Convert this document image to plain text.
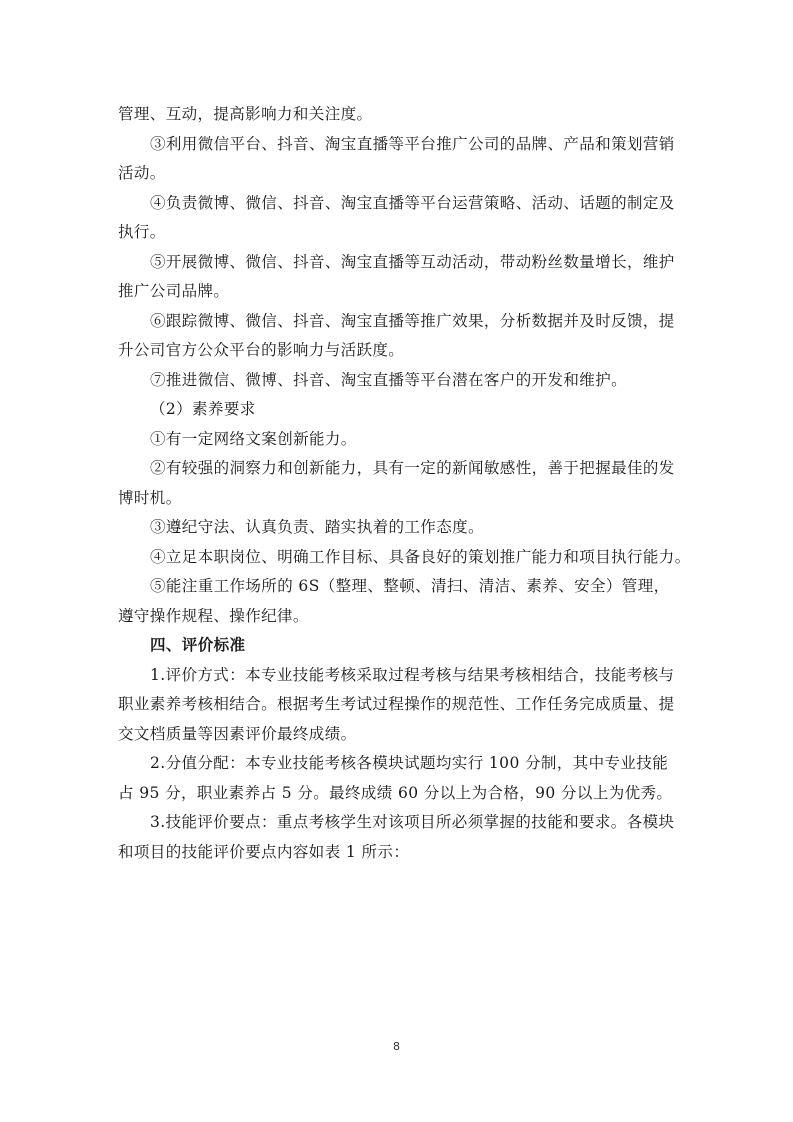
管理、互动，提高影响力和关注度。
③利用微信平台、抖音、淘宝直播等平台推广公司的品牌、产品和策划营销
活动。
④负责微博、微信、抖音、淘宝直播等平台运营策略、活动、话题的制定及
执行。
⑤开展微博、微信、抖音、淘宝直播等互动活动，带动粉丝数量增长，维护
推广公司品牌。
⑥跟踪微博、微信、抖音、淘宝直播等推广效果，分析数据并及时反馈，提
升公司官方公众平台的影响力与活跃度。
⑦推进微信、微博、抖音、淘宝直播等平台潜在客户的开发和维护。
（2）素养要求
①有一定网络文案创新能力。
②有较强的洞察力和创新能力，具有一定的新闻敏感性，善于把握最佳的发
博时机。
③遵纪守法、认真负责、踏实执着的工作态度。
④立足本职岗位、明确工作目标、具备良好的策划推广能力和项目执行能力。
⑤能注重工作场所的 6S（整理、整顿、清扫、清洁、素养、安全）管理，
遵守操作规程、操作纪律。
四、评价标准
1.评价方式：本专业技能考核采取过程考核与结果考核相结合，技能考核与
职业素养考核相结合。根据考生考试过程操作的规范性、工作任务完成质量、提
交文档质量等因素评价最终成绩。
2.分值分配：本专业技能考核各模块试题均实行 100 分制，其中专业技能
占 95 分，职业素养占 5 分。最终成绩 60 分以上为合格，90 分以上为优秀。
3.技能评价要点：重点考核学生对该项目所必须掌握的技能和要求。各模块
和项目的技能评价要点内容如表 1 所示：
8
